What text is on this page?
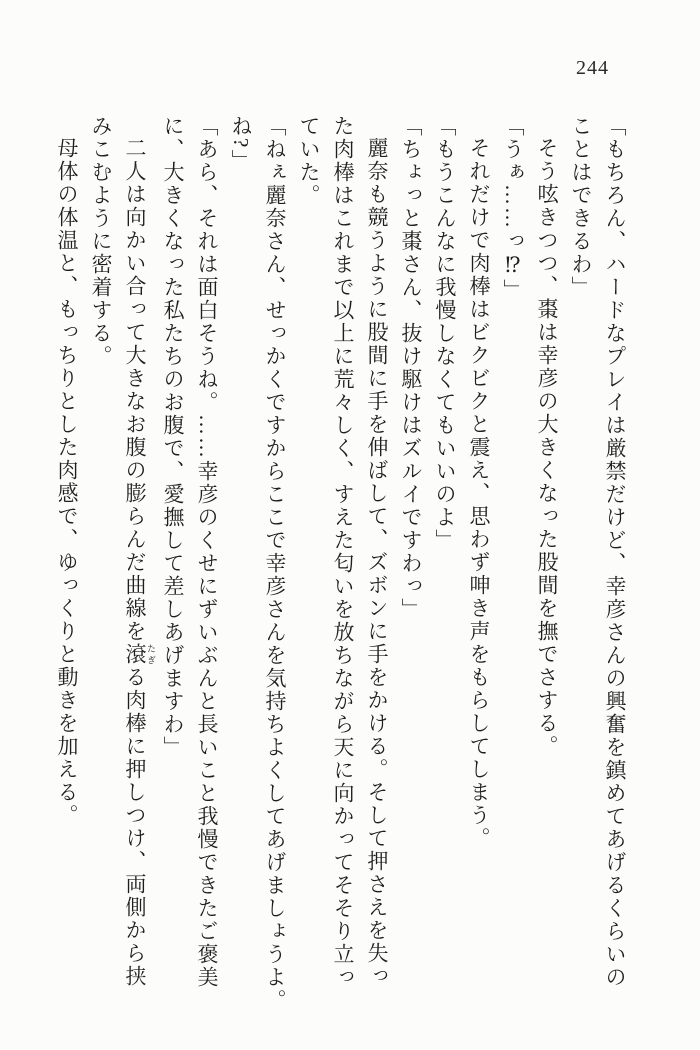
244

「もちろん、ハードなプレイは厳禁だけど、幸彦さんの興奮を鎮めてあげるくらいの

ことはできるわ」

そう呟きつつ、棗は幸彦の大きくなった股間を撫でさする。

「うぁ……っ⁉」

それだけで肉棒はビクビクと震え、思わず呻き声をもらしてしまう。

「もうこんなに我慢しなくてもいいのよ」

「ちょっと棗さん、抜け駆けはズルイですわっ」

麗奈も競うように股間に手を伸ばして、ズボンに手をかける。そして押さえを失っ

た肉棒はこれまで以上に荒々しく、すえた匂いを放ちながら天に向かってそそり立っ

ていた。

「ねぇ麗奈さん、せっかくですからここで幸彦さんを気持ちよくしてあげましょうよ。

ね?」

「あら、それは面白そうね。……幸彦のくせにずいぶんと長いこと我慢できたご褒美

に、大きくなった私たちのお腹で、愛撫して差しあげますわ」

二人は向かい合って大きなお腹の膨らんだ曲線を滾 たぎる肉棒に押しつけ、両側から挟

みこむように密着する。

母体の体温と、もっちりとした肉感で、ゆっくりと動きを加える。
